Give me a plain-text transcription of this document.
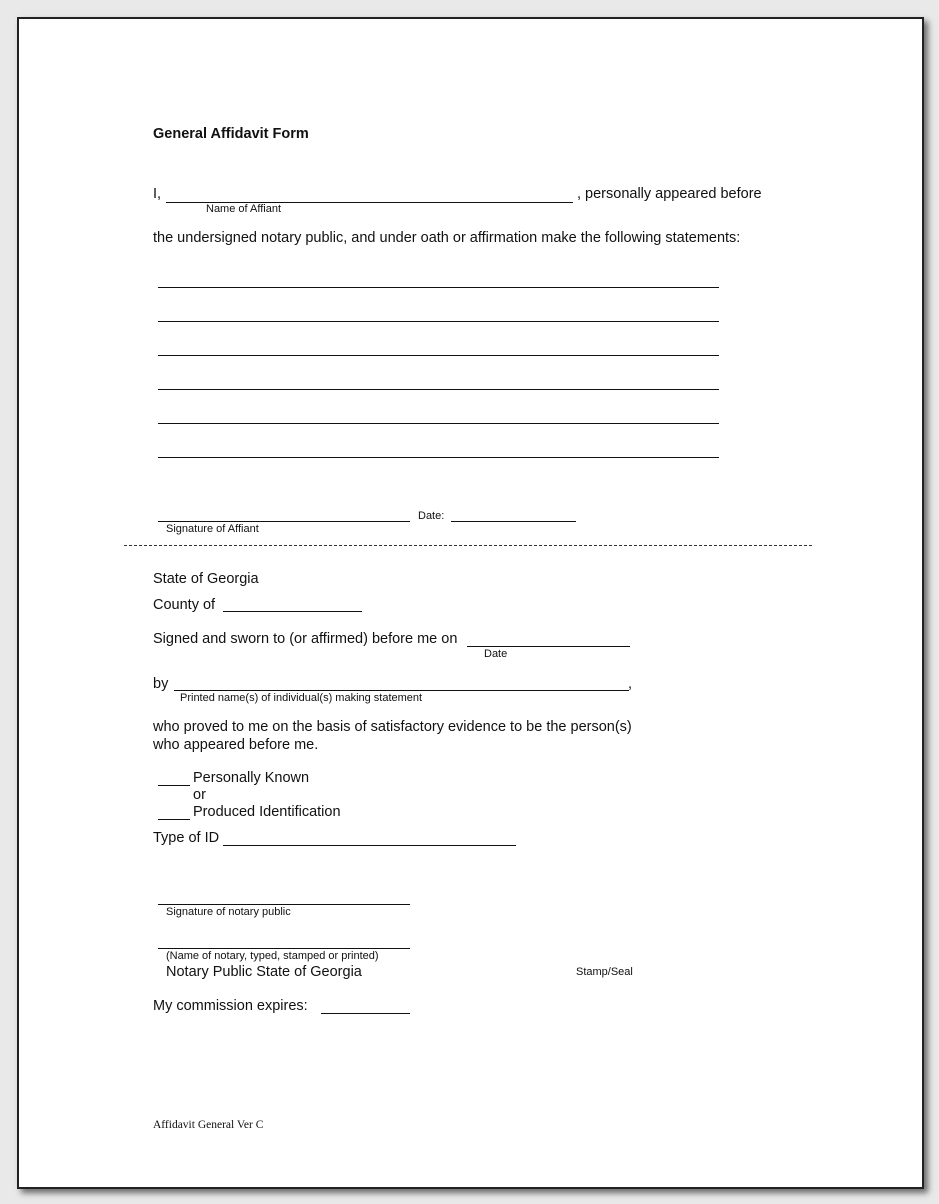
General Affidavit Form
I,	, personally appeared before
Name of Affiant
the undersigned notary public, and under oath or affirmation make the following statements:
Date:
Signature of Affiant
State of Georgia
County of
Signed and sworn to (or affirmed) before me on
Date
by	,
Printed name(s) of individual(s) making statement
who proved to me on the basis of satisfactory evidence to be the person(s)
who appeared before me.
Personally Known
or
Produced Identification
Type of ID
Signature of notary public
(Name of notary, typed, stamped or printed)
Notary Public State of Georgia	Stamp/Seal
My commission expires:
Affidavit General Ver C
